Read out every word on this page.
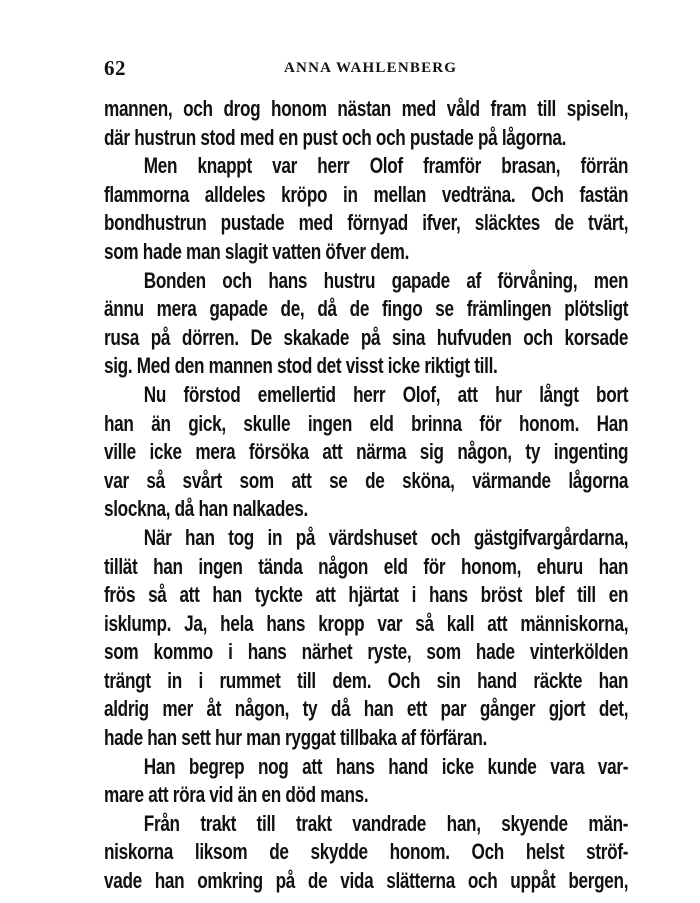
62	ANNA WAHLENBERG
mannen, och drog honom nästan med våld fram till spiseln,
där hustrun stod med en pust och och pustade på lågorna.
Men knappt var herr Olof framför brasan, förrän
flammorna alldeles kröpo in mellan vedträna. Och fastän
bondhustrun pustade med förnyad ifver, släcktes de tvärt,
som hade man slagit vatten öfver dem.
Bonden och hans hustru gapade af förvåning, men
ännu mera gapade de, då de fingo se främlingen plötsligt
rusa på dörren. De skakade på sina hufvuden och korsade
sig. Med den mannen stod det visst icke riktigt till.
Nu förstod emellertid herr Olof, att hur långt bort
han än gick, skulle ingen eld brinna för honom. Han
ville icke mera försöka att närma sig någon, ty ingenting
var så svårt som att se de sköna, värmande lågorna
slockna, då han nalkades.
När han tog in på värdshuset och gästgifvargårdarna,
tillät han ingen tända någon eld för honom, ehuru han
frös så att han tyckte att hjärtat i hans bröst blef till en
isklump. Ja, hela hans kropp var så kall att människorna,
som kommo i hans närhet ryste, som hade vinterkölden
trängt in i rummet till dem. Och sin hand räckte han
aldrig mer åt någon, ty då han ett par gånger gjort det,
hade han sett hur man ryggat tillbaka af förfäran.
Han begrep nog att hans hand icke kunde vara var-
mare att röra vid än en död mans.
Från trakt till trakt vandrade han, skyende män-
niskorna liksom de skydde honom. Och helst ströf-
vade han omkring på de vida slätterna och uppåt bergen,
